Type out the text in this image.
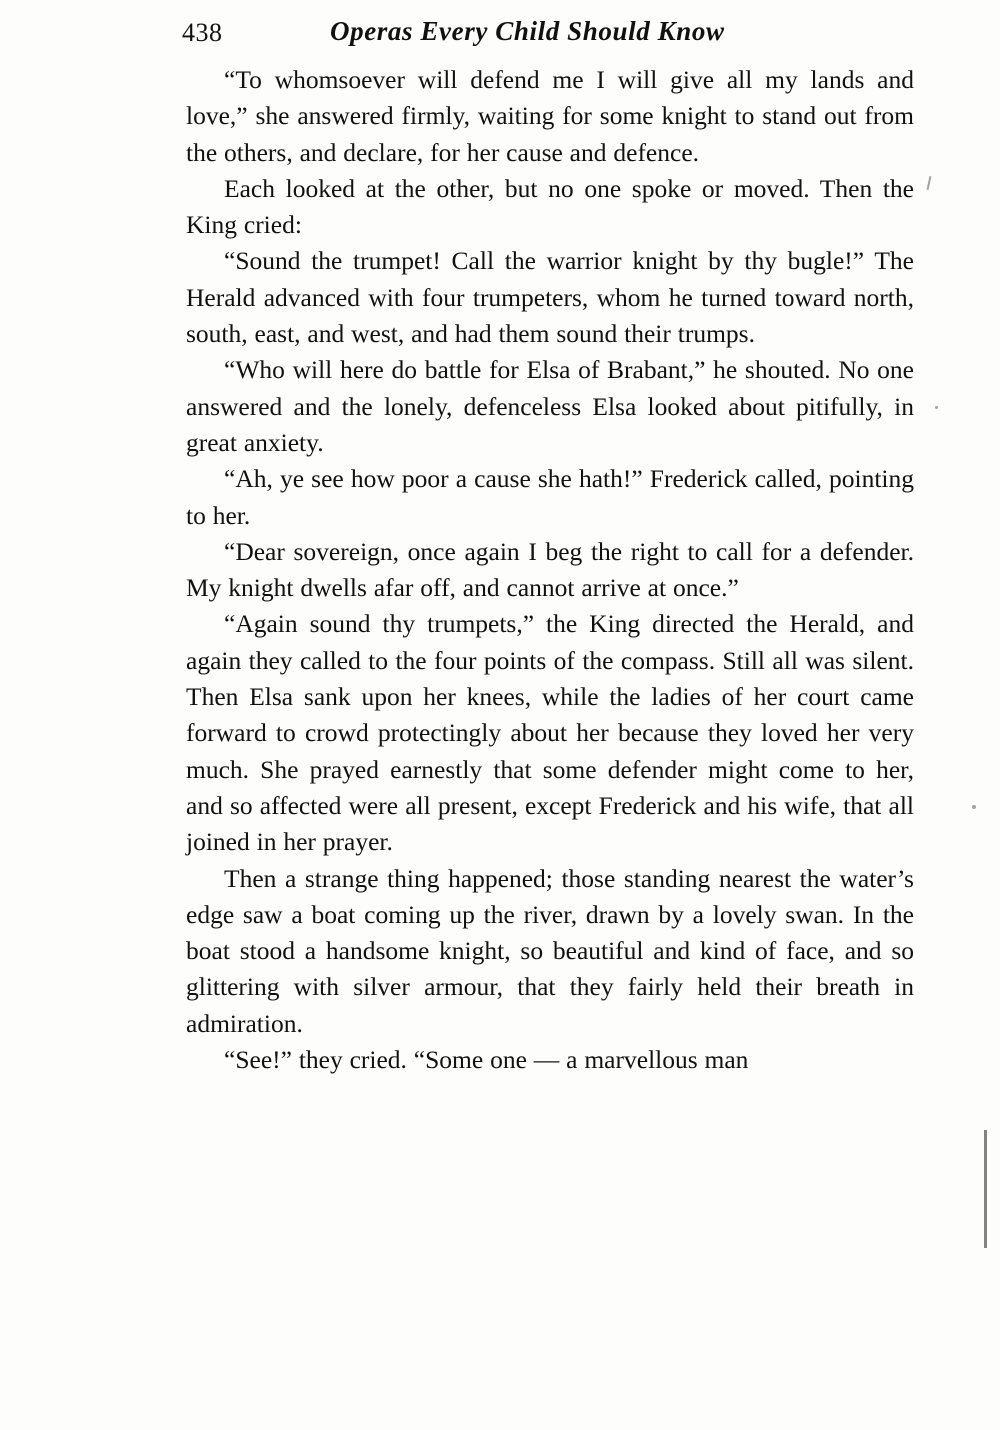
438	Operas Every Child Should Know

“To whomsoever will defend me I will give all my lands and love,” she answered firmly, waiting for some knight to stand out from the others, and declare, for her cause and defence.

Each looked at the other, but no one spoke or moved. Then the King cried:

“Sound the trumpet! Call the warrior knight by thy bugle!” The Herald advanced with four trumpeters, whom he turned toward north, south, east, and west, and had them sound their trumps.

“Who will here do battle for Elsa of Brabant,” he shouted. No one answered and the lonely, defenceless Elsa looked about pitifully, in great anxiety.

“Ah, ye see how poor a cause she hath!” Frederick called, pointing to her.

“Dear sovereign, once again I beg the right to call for a defender. My knight dwells afar off, and cannot arrive at once.”

“Again sound thy trumpets,” the King directed the Herald, and again they called to the four points of the compass. Still all was silent. Then Elsa sank upon her knees, while the ladies of her court came forward to crowd protectingly about her because they loved her very much. She prayed earnestly that some defender might come to her, and so affected were all present, except Frederick and his wife, that all joined in her prayer.

Then a strange thing happened; those standing nearest the water’s edge saw a boat coming up the river, drawn by a lovely swan. In the boat stood a handsome knight, so beautiful and kind of face, and so glittering with silver armour, that they fairly held their breath in admiration.

“See!” they cried. “Some one — a marvellous man
